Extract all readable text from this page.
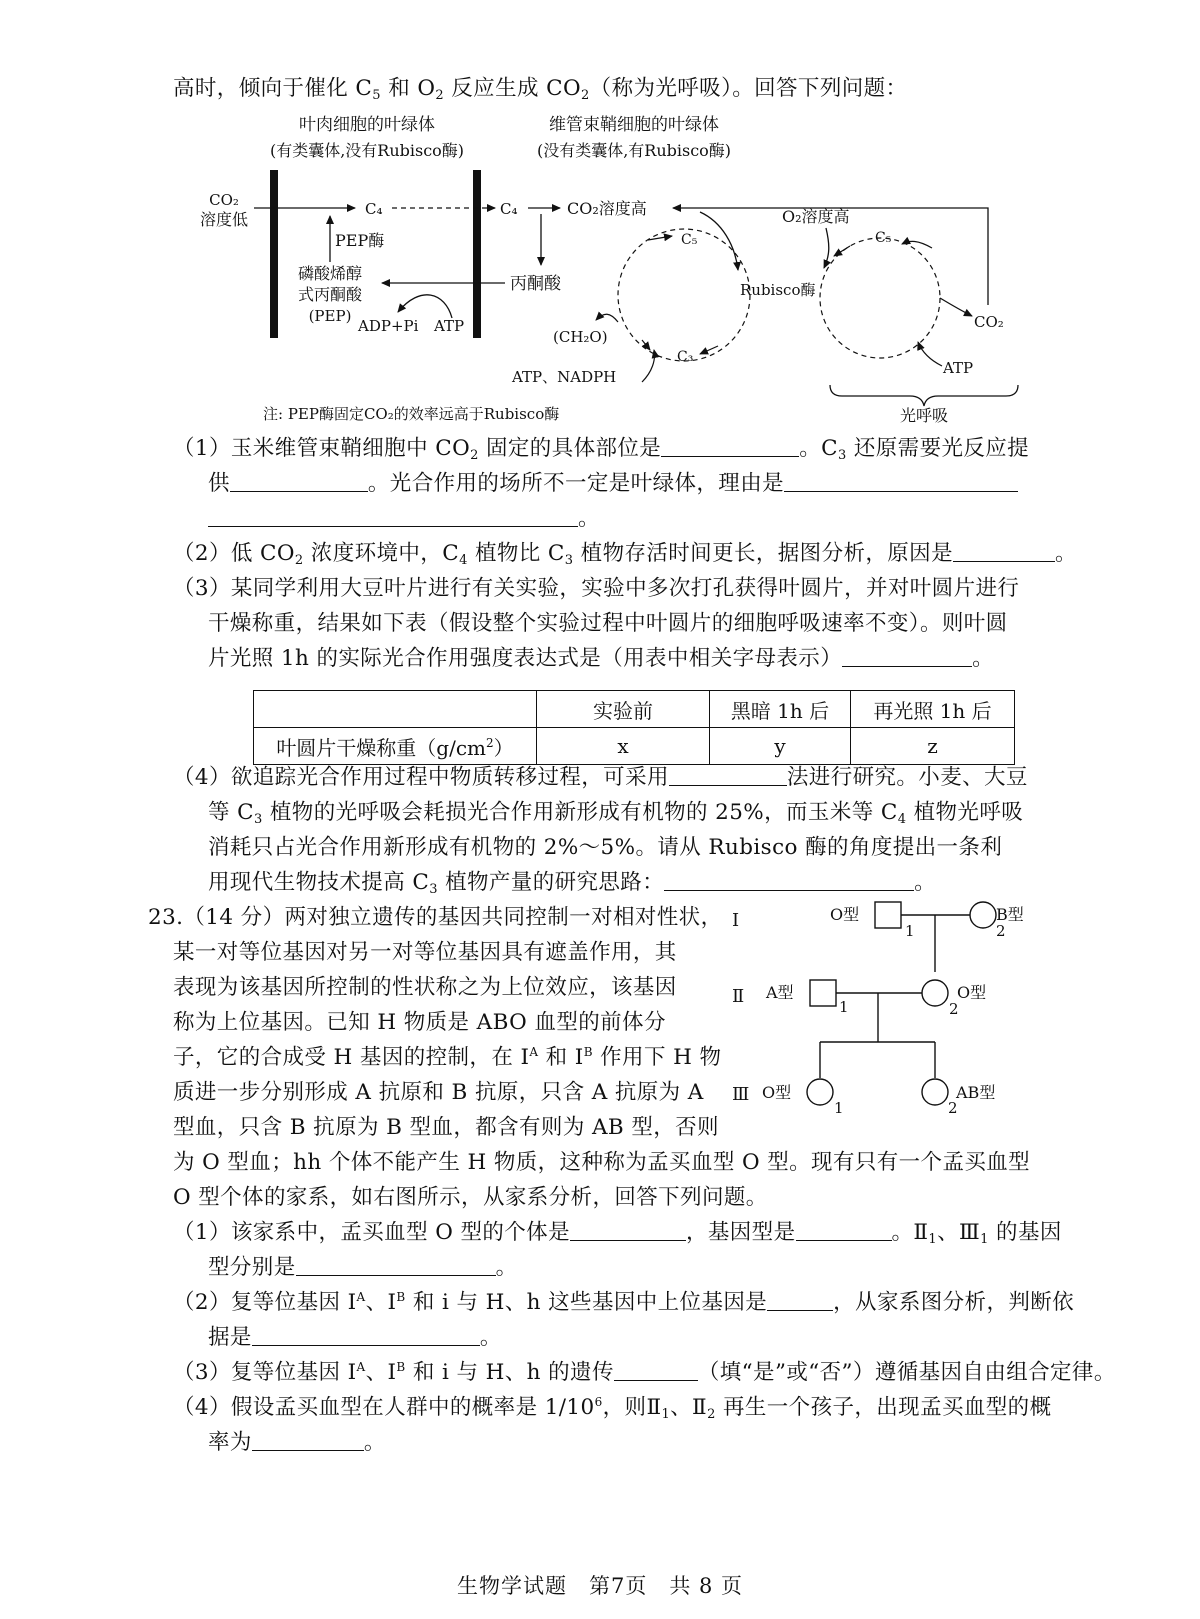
高时，倾向于催化 $C_5$ 和 $O_2$ 反应生成 $CO_2$（称为光呼吸）。回答下列问题：
叶肉细胞的叶绿体
(有类囊体,没有Rubisco酶)
维管束鞘细胞的叶绿体
(没有类囊体,有Rubisco酶)
CO₂
溶度低
C₄	C₄	CO₂溶度高
丙酮酸
PEP酶
磷酸烯醇
式丙酮酸
(PEP)
ADP+Pi ATP
C₅
Rubisco酶
C₃
(CH₂O)
ATP、NADPH
O₂溶度高
C₅
CO₂
ATP
光呼吸
注: PEP酶固定CO₂的效率远高于Rubisco酶
（1）玉米维管束鞘细胞中 $CO_2$ 固定的具体部位是	。$C_3$ 还原需要光反应提
供	。光合作用的场所不一定是叶绿体，理由是
。
（2）低 $CO_2$ 浓度环境中，$C_4$ 植物比 $C_3$ 植物存活时间更长，据图分析，原因是	。
（3）某同学利用大豆叶片进行有关实验，实验中多次打孔获得叶圆片，并对叶圆片进行
干燥称重，结果如下表（假设整个实验过程中叶圆片的细胞呼吸速率不变）。则叶圆
片光照 1h 的实际光合作用强度表达式是（用表中相关字母表示）	。
	实验前	黑暗 1h 后	再光照 1h 后
叶圆片干燥称重$(g/cm^2)$	x	y	z
（4）欲追踪光合作用过程中物质转移过程，可采用	法进行研究。小麦、大豆
等 $C_3$ 植物的光呼吸会耗损光合作用新形成有机物的 25%，而玉米等 $C_4$ 植物光呼吸
消耗只占光合作用新形成有机物的 2%～5%。请从 Rubisco 酶的角度提出一条利
用现代生物技术提高 $C_3$ 植物产量的研究思路：	。
23.（14 分）两对独立遗传的基因共同控制一对相对性状，
某一对等位基因对另一对等位基因具有遮盖作用，其
表现为该基因所控制的性状称之为上位效应，该基因
称为上位基因。已知 H 物质是 ABO 血型的前体分
子，它的合成受 H 基因的控制，在 $I^A$ 和 $I^B$ 作用下 H 物
质进一步分别形成 A 抗原和 B 抗原，只含 A 抗原为 A
型血，只含 B 抗原为 B 型血，都含有则为 AB 型，否则
为 O 型血；hh 个体不能产生 H 物质，这种称为孟买血型 O 型。现有只有一个孟买血型
O 型个体的家系，如右图所示，从家系分析，回答下列问题。
Ⅰ
Ⅱ
Ⅲ
O型
1	2
B型
A型
1	2
O型
O型
1	2
AB型
（1）该家系中，孟买血型 O 型的个体是	，基因型是	。$Ⅱ_1$、$Ⅲ_1$ 的基因
型分别是	。
（2）复等位基因 $I^A$、$I^B$ 和 i 与 H、h 这些基因中上位基因是	，从家系图分析，判断依
据是	。
（3）复等位基因 $I^A$、$I^B$ 和 i 与 H、h 的遗传	（填“是”或“否”）遵循基因自由组合定律。
（4）假设孟买血型在人群中的概率是 $1/10^6$，则$Ⅱ_1$、$Ⅱ_2$ 再生一个孩子，出现孟买血型的概
率为	。
生物学试题　第7页　共 8 页
